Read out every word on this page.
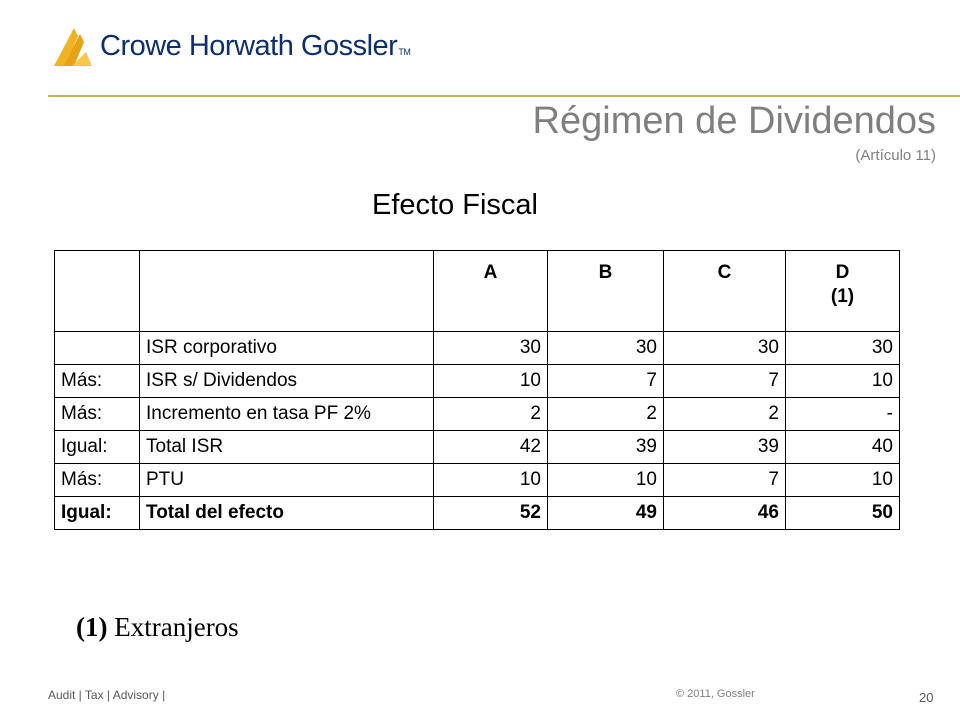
Crowe Horwath GosslerTM
Régimen de Dividendos
(Artículo 11)
Efecto Fiscal
		A	B	C	D
(1)
	ISR corporativo	30	30	30	30
Más:	ISR s/ Dividendos	10	7	7	10
Más:	Incremento en tasa PF 2%	2	2	2	-
Igual:	Total ISR	42	39	39	40
Más:	PTU	10	10	7	10
Igual:	Total del efecto	52	49	46	50
(1) Extranjeros
Audit | Tax | Advisory |	© 2011, Gossler	20
